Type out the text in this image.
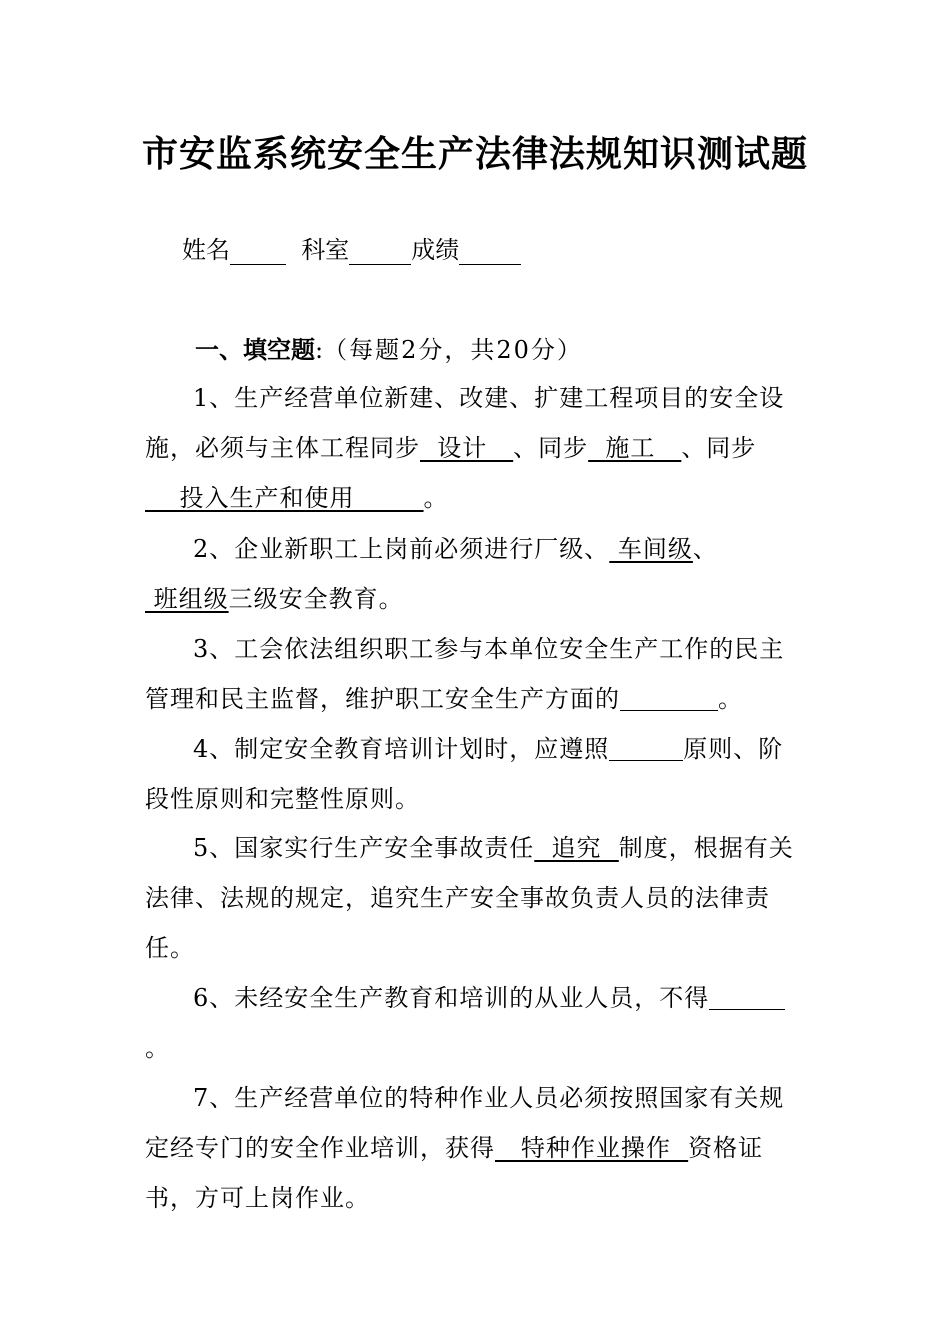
市安监系统安全生产法律法规知识测试题
姓名	科室	成绩
一、填空题:（每题2分，共20分）

1、生产经营单位新建、改建、扩建工程项目的安全设施，必须与主体工程同步  设计   、同步  施工   、同步    投入生产和使用        。

2、企业新职工上岗前必须进行厂级、 车间级、 班组级三级安全教育。

3、工会依法组织职工参与本单位安全生产工作的民主管理和民主监督，维护职工安全生产方面的	。

4、制定安全教育培训计划时，应遵照	原则、阶段性原则和完整性原则。

5、国家实行生产安全事故责任  追究  制度，根据有关法律、法规的规定，追究生产安全事故负责人员的法律责任。

6、未经安全生产教育和培训的从业人员，不得。

7、生产经营单位的特种作业人员必须按照国家有关规定经专门的安全作业培训，获得   特种作业操作  资格证书，方可上岗作业。
